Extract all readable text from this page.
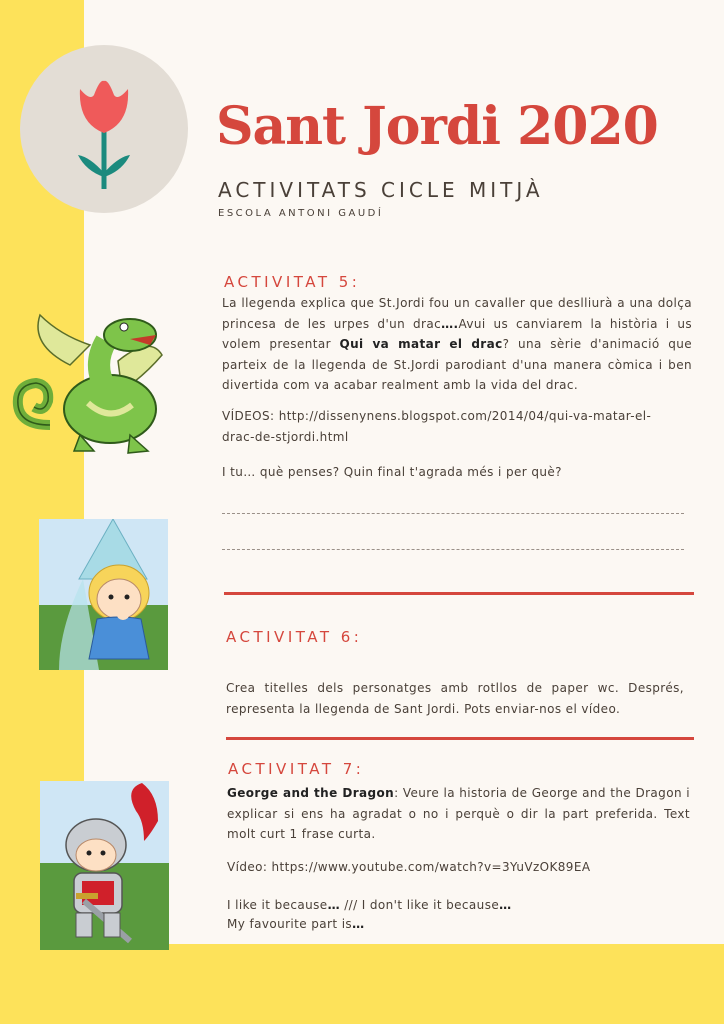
Sant Jordi 2020
ACTIVITATS CICLE MITJÀ
ESCOLA ANTONI GAUDÍ
ACTIVITAT 5:
La llegenda explica que St.Jordi fou un cavaller que deslliurà a una dolça princesa de les urpes d'un drac….Avui us canviarem la història i us volem presentar Qui va matar el drac? una sèrie d'animació que parteix de la llegenda de St.Jordi parodiant d'una manera còmica i ben divertida com va acabar realment amb la vida del drac.
VÍDEOS: http://dissenynens.blogspot.com/2014/04/qui-va-matar-el-drac-de-stjordi.html
I tu… què penses? Quin final t'agrada més i per què?
ACTIVITAT 6:
Crea titelles dels personatges amb rotllos de paper wc. Després, representa la llegenda de Sant Jordi. Pots enviar-nos el vídeo.
ACTIVITAT 7:
George and the Dragon: Veure la historia de George and the Dragon i explicar si ens ha agradat o no i perquè o dir la part preferida. Text molt curt 1 frase curta.
Vídeo: https://www.youtube.com/watch?v=3YuVzOK89EA
I like it because… /// I don't like it because…
My favourite part is…
